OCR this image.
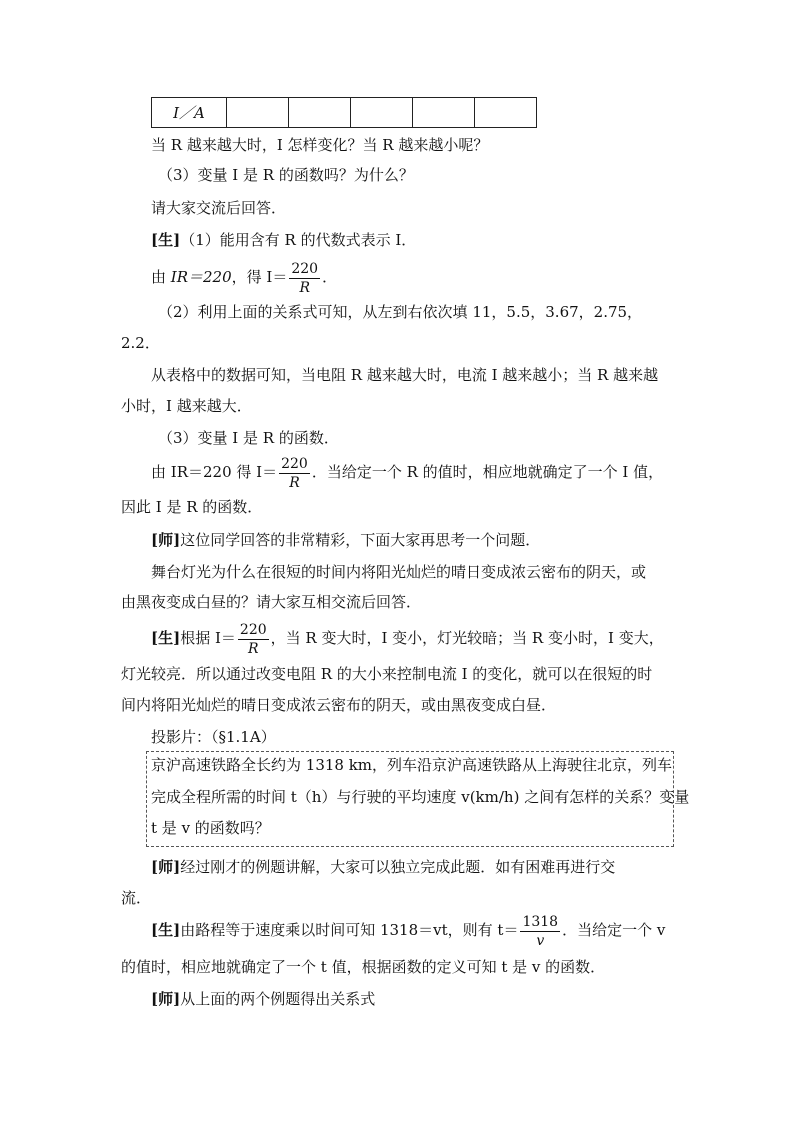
I／A					
当 R 越来越大时，I 怎样变化？当 R 越来越小呢？
（3）变量 I 是 R 的函数吗？为什么？
请大家交流后回答．
[生]（1）能用含有 R 的代数式表示 I．
由 IR＝220，得 $I= \frac{220}{R}$ ．
（2）利用上面的关系式可知，从左到右依次填 11，5.5，3.67，2.75，
2.2．
从表格中的数据可知，当电阻 R 越来越大时，电流 I 越来越小；当 R 越来越
小时，I 越来越大．
（3）变量 I 是 R 的函数．
由 IR＝220 得 $I= \frac{220}{R}$ ．当给定一个 R 的值时，相应地就确定了一个 I 值，
因此 I 是 R 的函数．
[师]这位同学回答的非常精彩，下面大家再思考一个问题．
舞台灯光为什么在很短的时间内将阳光灿烂的晴日变成浓云密布的阴天，或
由黑夜变成白昼的？请大家互相交流后回答．
[生]根据 $I= \frac{220}{R}$ ，当 R 变大时，I 变小，灯光较暗；当 R 变小时，I 变大，
灯光较亮．所以通过改变电阻 R 的大小来控制电流 I 的变化，就可以在很短的时
间内将阳光灿烂的晴日变成浓云密布的阴天，或由黑夜变成白昼．
投影片：（§1.1A）
京沪高速铁路全长约为 1318 km，列车沿京沪高速铁路从上海驶往北京，列车
完成全程所需的时间 t（h）与行驶的平均速度 v(km/h) 之间有怎样的关系？变量
t 是 v 的函数吗？
[师]经过刚才的例题讲解，大家可以独立完成此题．如有困难再进行交
流．
[生]由路程等于速度乘以时间可知 1318＝vt，则有 $t= \frac{1318}{v}$ ．当给定一个 v
的值时，相应地就确定了一个 t 值，根据函数的定义可知 t 是 v 的函数．
[师]从上面的两个例题得出关系式
